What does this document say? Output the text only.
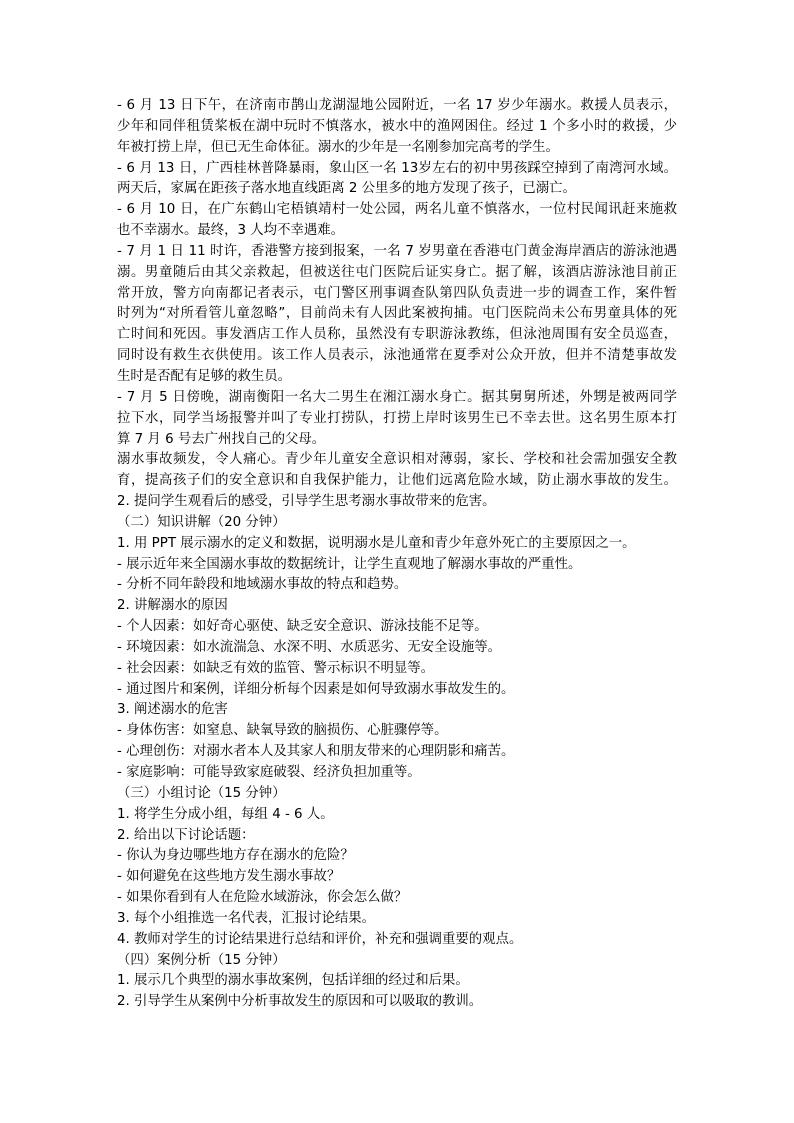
- 6 月 13 日下午，在济南市鹊山龙湖湿地公园附近，一名 17 岁少年溺水。救援人员表示，
少年和同伴租赁桨板在湖中玩时不慎落水，被水中的渔网困住。经过 1 个多小时的救援，少
年被打捞上岸，但已无生命体征。溺水的少年是一名刚参加完高考的学生。
- 6 月 13 日，广西桂林普降暴雨，象山区一名 13岁左右的初中男孩踩空掉到了南湾河水域。
两天后，家属在距孩子落水地直线距离 2 公里多的地方发现了孩子，已溺亡。
- 6 月 10 日，在广东鹤山宅梧镇靖村一处公园，两名儿童不慎落水，一位村民闻讯赶来施救
也不幸溺水。最终，3 人均不幸遇难。
- 7 月 1 日 11 时许，香港警方接到报案，一名 7 岁男童在香港屯门黄金海岸酒店的游泳池遇
溺。男童随后由其父亲救起，但被送往屯门医院后证实身亡。据了解，该酒店游泳池目前正
常开放，警方向南都记者表示，屯门警区刑事调查队第四队负责进一步的调查工作，案件暂
时列为“对所看管儿童忽略”，目前尚未有人因此案被拘捕。屯门医院尚未公布男童具体的死
亡时间和死因。事发酒店工作人员称，虽然没有专职游泳教练，但泳池周围有安全员巡查，
同时设有救生衣供使用。该工作人员表示，泳池通常在夏季对公众开放，但并不清楚事故发
生时是否配有足够的救生员。
- 7 月 5 日傍晚，湖南衡阳一名大二男生在湘江溺水身亡。据其舅舅所述，外甥是被两同学
拉下水，同学当场报警并叫了专业打捞队，打捞上岸时该男生已不幸去世。这名男生原本打
算 7 月 6 号去广州找自己的父母。
溺水事故频发，令人痛心。青少年儿童安全意识相对薄弱，家长、学校和社会需加强安全教
育，提高孩子们的安全意识和自我保护能力，让他们远离危险水域，防止溺水事故的发生。
2. 提问学生观看后的感受，引导学生思考溺水事故带来的危害。
（二）知识讲解（20 分钟）
1. 用 PPT 展示溺水的定义和数据，说明溺水是儿童和青少年意外死亡的主要原因之一。
- 展示近年来全国溺水事故的数据统计，让学生直观地了解溺水事故的严重性。
- 分析不同年龄段和地域溺水事故的特点和趋势。
2. 讲解溺水的原因
- 个人因素：如好奇心驱使、缺乏安全意识、游泳技能不足等。
- 环境因素：如水流湍急、水深不明、水质恶劣、无安全设施等。
- 社会因素：如缺乏有效的监管、警示标识不明显等。
- 通过图片和案例，详细分析每个因素是如何导致溺水事故发生的。
3. 阐述溺水的危害
- 身体伤害：如窒息、缺氧导致的脑损伤、心脏骤停等。
- 心理创伤：对溺水者本人及其家人和朋友带来的心理阴影和痛苦。
- 家庭影响：可能导致家庭破裂、经济负担加重等。
（三）小组讨论（15 分钟）
1. 将学生分成小组，每组 4 - 6 人。
2. 给出以下讨论话题：
- 你认为身边哪些地方存在溺水的危险？
- 如何避免在这些地方发生溺水事故？
- 如果你看到有人在危险水域游泳，你会怎么做？
3. 每个小组推选一名代表，汇报讨论结果。
4. 教师对学生的讨论结果进行总结和评价，补充和强调重要的观点。
（四）案例分析（15 分钟）
1. 展示几个典型的溺水事故案例，包括详细的经过和后果。
2. 引导学生从案例中分析事故发生的原因和可以吸取的教训。
